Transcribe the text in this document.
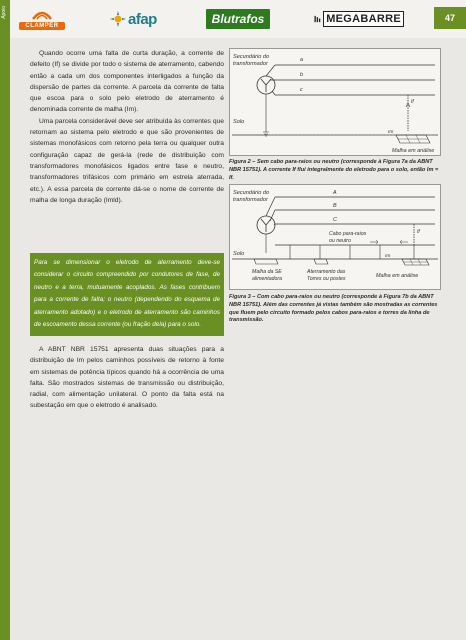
Apoio
CLAMPER	afap	Blutrafos	MEGABARRE	47

Quando ocorre uma falta de curta duração, a corrente de defeito (If) se divide por todo o sistema de aterramento, cabendo então a cada um dos componentes interligados a função da dispersão de partes da corrente. A parcela da corrente de falta que escoa para o solo pelo eletrodo de aterramento é denominada corrente de malha (Im).

Uma parcela considerável deve ser atribuída às correntes que retornam ao sistema pelo eletrodo e que são provenientes de sistemas monofásicos com retorno pela terra ou qualquer outra configuração capaz de gerá-la (rede de distribuição com transformadores monofásicos ligados entre fase e neutro, transformadores trifásicos com primário em estrela aterrada, etc.). A essa parcela de corrente dá-se o nome de corrente de malha de longa duração (Imld).

Para se dimensionar o eletrodo de aterramento deve-se considerar o circuito compreendido por condutores de fase, de neutro e a terra, mutuamente acoplados. As fases contribuem para a corrente de falta; o neutro (dependendo do esquema de aterramento adotado) e o eletrodo de aterramento são caminhos de escoamento dessa corrente (ou fração dela) para o solo.

A ABNT NBR 15751 apresenta duas situações para a distribuição de lm pelos caminhos possíveis de retorno à fonte em sistemas de potência típicos quando há a ocorrência de uma falta. São mostrados sistemas de transmissão ou distribuição, radial, com alimentação unilateral. O ponto da falta está na subestação em que o eletrodo é analisado.

Secundário do
transformador
a
b
c
If
Solo
Im
Malha em análise
Figura 2 – Sem cabo para-raios ou neutro (corresponde à Figura 7a da ABNT NBR 15751). A corrente If flui integralmente do eletrodo para o solo, então Im = If.
Secundário do
transformador
A
B
C
Cabo para-raios
ou neutro
If
Solo	Im
Malha da SE
alimentadora
Aterramento das
Torres ou postes	Malha em análise
Figura 3 – Com cabo para-raios ou neutro (corresponde à Figura 7b da ABNT NBR 15751). Além das correntes já vistas também são mostradas as correntes que fluem pelo circuito formado pelos cabos para-raios e torres da linha de transmissão.
